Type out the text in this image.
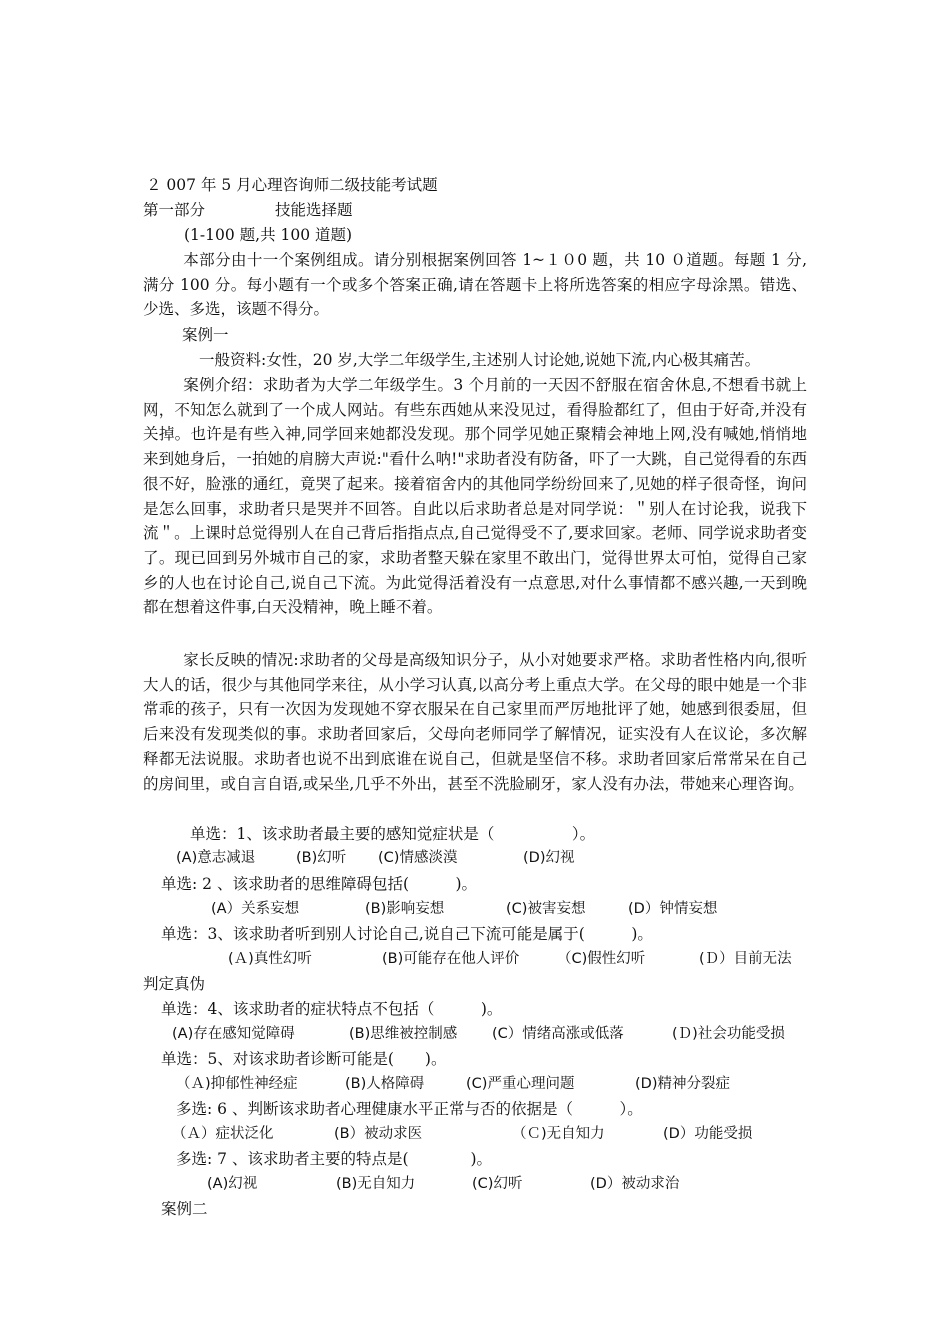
２ 007 年 5 月心理咨询师二级技能考试题
第一部分	技能选择题
(1-100 题,共 100 道题)
本部分由十一个案例组成。请分别根据案例回答 1~１０0 题，共 10 ０道题。每题 1 分,满分 100 分。每小题有一个或多个答案正确,请在答题卡上将所选答案的相应字母涂黑。错选、少选、多选，该题不得分。
案例一
一般资料:女性，20 岁,大学二年级学生,主述别人讨论她,说她下流,内心极其痛苦。
案例介绍：求助者为大学二年级学生。3 个月前的一天因不舒服在宿舍休息,不想看书就上网，不知怎么就到了一个成人网站。有些东西她从来没见过，看得脸都红了，但由于好奇,并没有关掉。也许是有些入神,同学回来她都没发现。那个同学见她正聚精会神地上网,没有喊她,悄悄地来到她身后，一拍她的肩膀大声说:"看什么呐!"求助者没有防备，吓了一大跳，自己觉得看的东西很不好，脸涨的通红，竟哭了起来。接着宿舍内的其他同学纷纷回来了,见她的样子很奇怪，询问是怎么回事，求助者只是哭并不回答。自此以后求助者总是对同学说：＂别人在讨论我，说我下流＂。上课时总觉得别人在自己背后指指点点,自己觉得受不了,要求回家。老师、同学说求助者变了。现已回到另外城市自己的家，求助者整天躲在家里不敢出门，觉得世界太可怕，觉得自己家乡的人也在讨论自己,说自己下流。为此觉得活着没有一点意思,对什么事情都不感兴趣,一天到晚都在想着这件事,白天没精神，晚上睡不着。
家长反映的情况:求助者的父母是高级知识分子，从小对她要求严格。求助者性格内向,很听大人的话，很少与其他同学来往，从小学习认真,以高分考上重点大学。在父母的眼中她是一个非常乖的孩子，只有一次因为发现她不穿衣服呆在自己家里而严厉地批评了她，她感到很委屈，但后来没有发现类似的事。求助者回家后，父母向老师同学了解情况，证实没有人在议论，多次解释都无法说服。求助者也说不出到底谁在说自己，但就是坚信不移。求助者回家后常常呆在自己的房间里，或自言自语,或呆坐,几乎不外出，甚至不洗脸刷牙，家人没有办法，带她来心理咨询。
单选：1、该求助者最主要的感知觉症状是（　　　　　）。
(A)意志减退	(B)幻听 (C)情感淡漠	(D)幻视
单选: 2 、该求助者的思维障碍包括(　　　)。
(A）关系妄想	(B)影响妄想	(C)被害妄想	(D）钟情妄想
单选：3、该求助者听到别人讨论自己,说自己下流可能是属于(　　　)。
(Ａ)真性幻听	(B)可能存在他人评价	（C)假性幻听	(Ｄ）目前无法
判定真伪
单选：4、该求助者的症状特点不包括（　　　)。
(A)存在感知觉障碍	(B)思维被控制感 (C）情绪高涨或低落	(Ｄ)社会功能受损
单选：5、对该求助者诊断可能是(　　)。
（Ａ)抑郁性神经症	(B)人格障碍	(C)严重心理问题	(D)精神分裂症
多选: 6 、判断该求助者心理健康水平正常与否的依据是（　　　）。
（Ａ）症状泛化	(B）被动求医	（Ｃ)无自知力	(D）功能受损
多选: 7 、该求助者主要的特点是(　　　　)。
(A)幻视	(B)无自知力	(C)幻听	(D）被动求治
案例二
